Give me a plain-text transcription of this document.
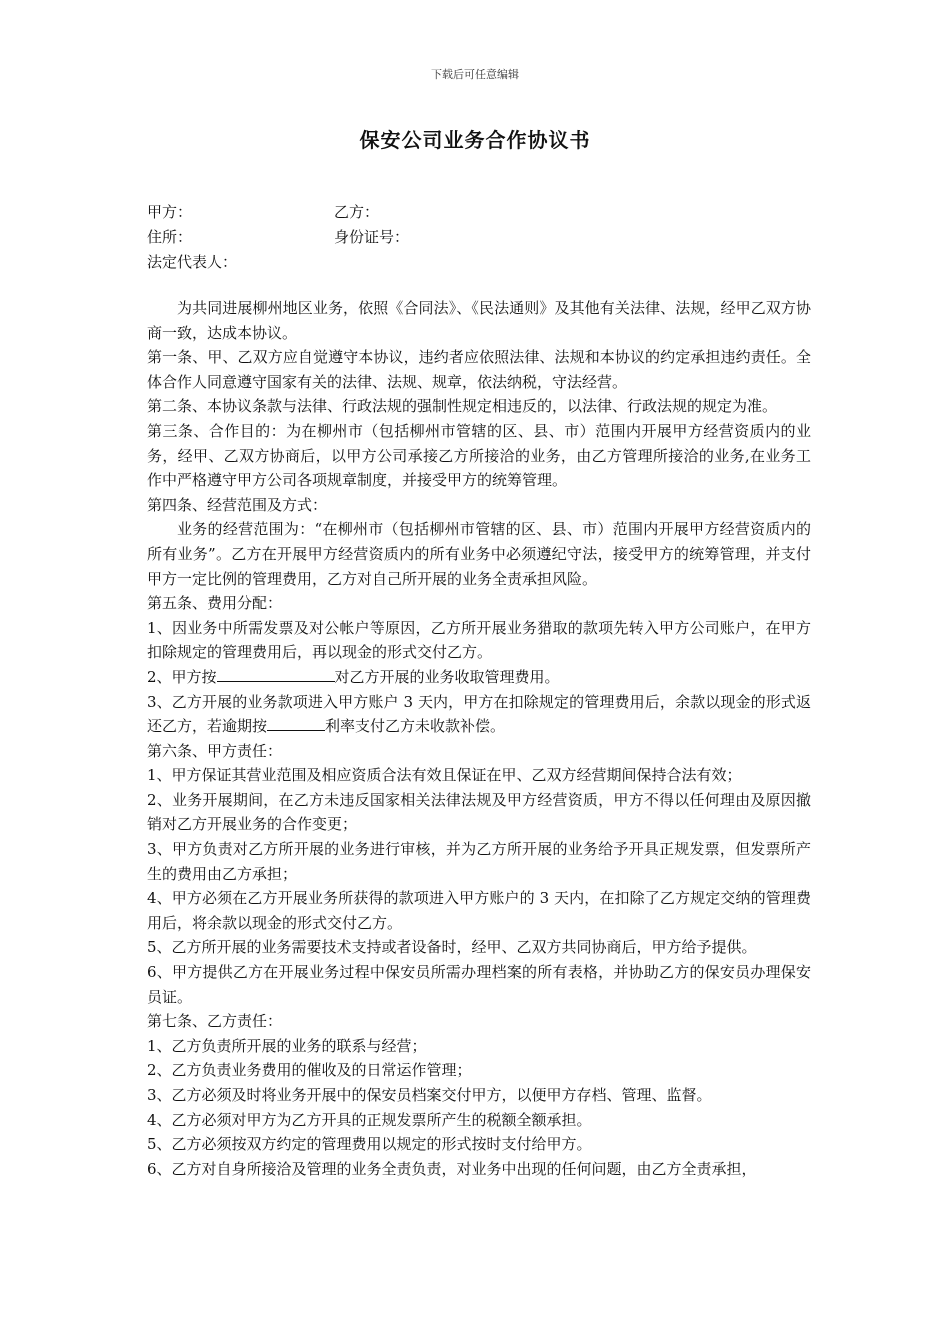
下载后可任意编辑
保安公司业务合作协议书
甲方：	乙方：
住所：	身份证号：
法定代表人：

为共同进展柳州地区业务，依照《合同法》、《民法通则》及其他有关法律、法规，经甲乙双方协商一致，达成本协议。

第一条、甲、乙双方应自觉遵守本协议，违约者应依照法律、法规和本协议的约定承担违约责任。全体合作人同意遵守国家有关的法律、法规、规章，依法纳税，守法经营。

第二条、本协议条款与法律、行政法规的强制性规定相违反的，以法律、行政法规的规定为准。

第三条、合作目的：为在柳州市（包括柳州市管辖的区、县、市）范围内开展甲方经营资质内的业务，经甲、乙双方协商后，以甲方公司承接乙方所接洽的业务，由乙方管理所接洽的业务,在业务工作中严格遵守甲方公司各项规章制度，并接受甲方的统筹管理。

第四条、经营范围及方式：

业务的经营范围为：“在柳州市（包括柳州市管辖的区、县、市）范围内开展甲方经营资质内的所有业务”。乙方在开展甲方经营资质内的所有业务中必须遵纪守法，接受甲方的统筹管理，并支付甲方一定比例的管理费用，乙方对自己所开展的业务全责承担风险。

第五条、费用分配：

1、因业务中所需发票及对公帐户等原因，乙方所开展业务猎取的款项先转入甲方公司账户，在甲方扣除规定的管理费用后，再以现金的形式交付乙方。

2、甲方按	对乙方开展的业务收取管理费用。

3、乙方开展的业务款项进入甲方账户 3 天内，甲方在扣除规定的管理费用后，余款以现金的形式返还乙方，若逾期按	利率支付乙方未收款补偿。

第六条、甲方责任：

1、甲方保证其营业范围及相应资质合法有效且保证在甲、乙双方经营期间保持合法有效；

2、业务开展期间，在乙方未违反国家相关法律法规及甲方经营资质，甲方不得以任何理由及原因撤销对乙方开展业务的合作变更；

3、甲方负责对乙方所开展的业务进行审核，并为乙方所开展的业务给予开具正规发票，但发票所产生的费用由乙方承担；

4、甲方必须在乙方开展业务所获得的款项进入甲方账户的 3 天内，在扣除了乙方规定交纳的管理费用后，将余款以现金的形式交付乙方。

5、乙方所开展的业务需要技术支持或者设备时，经甲、乙双方共同协商后，甲方给予提供。

6、甲方提供乙方在开展业务过程中保安员所需办理档案的所有表格，并协助乙方的保安员办理保安员证。

第七条、乙方责任：

1、乙方负责所开展的业务的联系与经营；

2、乙方负责业务费用的催收及的日常运作管理；

3、乙方必须及时将业务开展中的保安员档案交付甲方，以便甲方存档、管理、监督。

4、乙方必须对甲方为乙方开具的正规发票所产生的税额全额承担。

5、乙方必须按双方约定的管理费用以规定的形式按时支付给甲方。

6、乙方对自身所接洽及管理的业务全责负责，对业务中出现的任何问题，由乙方全责承担，
